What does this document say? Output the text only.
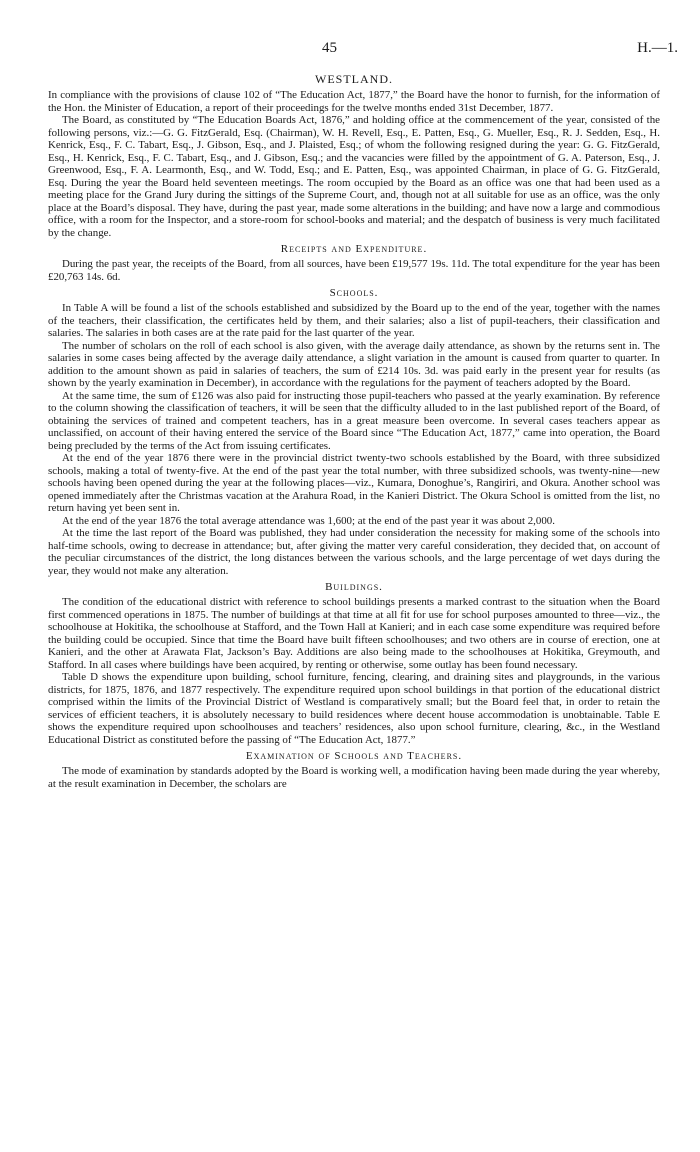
45	H.—1.
WESTLAND.

In compliance with the provisions of clause 102 of “The Education Act, 1877,” the Board have the honor to furnish, for the information of the Hon. the Minister of Education, a report of their proceedings for the twelve months ended 31st December, 1877.

The Board, as constituted by “The Education Boards Act, 1876,” and holding office at the commencement of the year, consisted of the following persons, viz.:—G. G. FitzGerald, Esq. (Chairman), W. H. Revell, Esq., E. Patten, Esq., G. Mueller, Esq., R. J. Sedden, Esq., H. Kenrick, Esq., F. C. Tabart, Esq., J. Gibson, Esq., and J. Plaisted, Esq.; of whom the following resigned during the year: G. G. FitzGerald, Esq., H. Kenrick, Esq., F. C. Tabart, Esq., and J. Gibson, Esq.; and the vacancies were filled by the appointment of G. A. Paterson, Esq., J. Greenwood, Esq., F. A. Learmonth, Esq., and W. Todd, Esq.; and E. Patten, Esq., was appointed Chairman, in place of G. G. FitzGerald, Esq. During the year the Board held seventeen meetings. The room occupied by the Board as an office was one that had been used as a meeting place for the Grand Jury during the sittings of the Supreme Court, and, though not at all suitable for use as an office, was the only place at the Board’s disposal. They have, during the past year, made some alterations in the building; and have now a large and commodious office, with a room for the Inspector, and a store-room for school-books and material; and the despatch of business is very much facilitated by the change.

Receipts and Expenditure.

During the past year, the receipts of the Board, from all sources, have been £19,577 19s. 11d. The total expenditure for the year has been £20,763 14s. 6d.

Schools.

In Table A will be found a list of the schools established and subsidized by the Board up to the end of the year, together with the names of the teachers, their classification, the certificates held by them, and their salaries; also a list of pupil-teachers, their classification and salaries. The salaries in both cases are at the rate paid for the last quarter of the year.

The number of scholars on the roll of each school is also given, with the average daily attendance, as shown by the returns sent in. The salaries in some cases being affected by the average daily attendance, a slight variation in the amount is caused from quarter to quarter. In addition to the amount shown as paid in salaries of teachers, the sum of £214 10s. 3d. was paid early in the present year for results (as shown by the yearly examination in December), in accordance with the regulations for the payment of teachers adopted by the Board.

At the same time, the sum of £126 was also paid for instructing those pupil-teachers who passed at the yearly examination. By reference to the column showing the classification of teachers, it will be seen that the difficulty alluded to in the last published report of the Board, of obtaining the services of trained and competent teachers, has in a great measure been overcome. In several cases teachers appear as unclassified, on account of their having entered the service of the Board since “The Education Act, 1877,” came into operation, the Board being precluded by the terms of the Act from issuing certificates.

At the end of the year 1876 there were in the provincial district twenty-two schools established by the Board, with three subsidized schools, making a total of twenty-five. At the end of the past year the total number, with three subsidized schools, was twenty-nine—new schools having been opened during the year at the following places—viz., Kumara, Donoghue’s, Rangiriri, and Okura. Another school was opened immediately after the Christmas vacation at the Arahura Road, in the Kanieri District. The Okura School is omitted from the list, no return having yet been sent in.

At the end of the year 1876 the total average attendance was 1,600; at the end of the past year it was about 2,000.

At the time the last report of the Board was published, they had under consideration the necessity for making some of the schools into half-time schools, owing to decrease in attendance; but, after giving the matter very careful consideration, they decided that, on account of the peculiar circumstances of the district, the long distances between the various schools, and the large percentage of wet days during the year, they would not make any alteration.

Buildings.

The condition of the educational district with reference to school buildings presents a marked contrast to the situation when the Board first commenced operations in 1875. The number of buildings at that time at all fit for use for school purposes amounted to three—viz., the schoolhouse at Hokitika, the schoolhouse at Stafford, and the Town Hall at Kanieri; and in each case some expenditure was required before the building could be occupied. Since that time the Board have built fifteen schoolhouses; and two others are in course of erection, one at Kanieri, and the other at Arawata Flat, Jackson’s Bay. Additions are also being made to the schoolhouses at Hokitika, Greymouth, and Stafford. In all cases where buildings have been acquired, by renting or otherwise, some outlay has been found necessary.

Table D shows the expenditure upon building, school furniture, fencing, clearing, and draining sites and playgrounds, in the various districts, for 1875, 1876, and 1877 respectively. The expenditure required upon school buildings in that portion of the educational district comprised within the limits of the Provincial District of Westland is comparatively small; but the Board feel that, in order to retain the services of efficient teachers, it is absolutely necessary to build residences where decent house accommodation is unobtainable. Table E shows the expenditure required upon schoolhouses and teachers’ residences, also upon school furniture, clearing, &c., in the Westland Educational District as constituted before the passing of “The Education Act, 1877.”

Examination of Schools and Teachers.

The mode of examination by standards adopted by the Board is working well, a modification having been made during the year whereby, at the result examination in December, the scholars are
